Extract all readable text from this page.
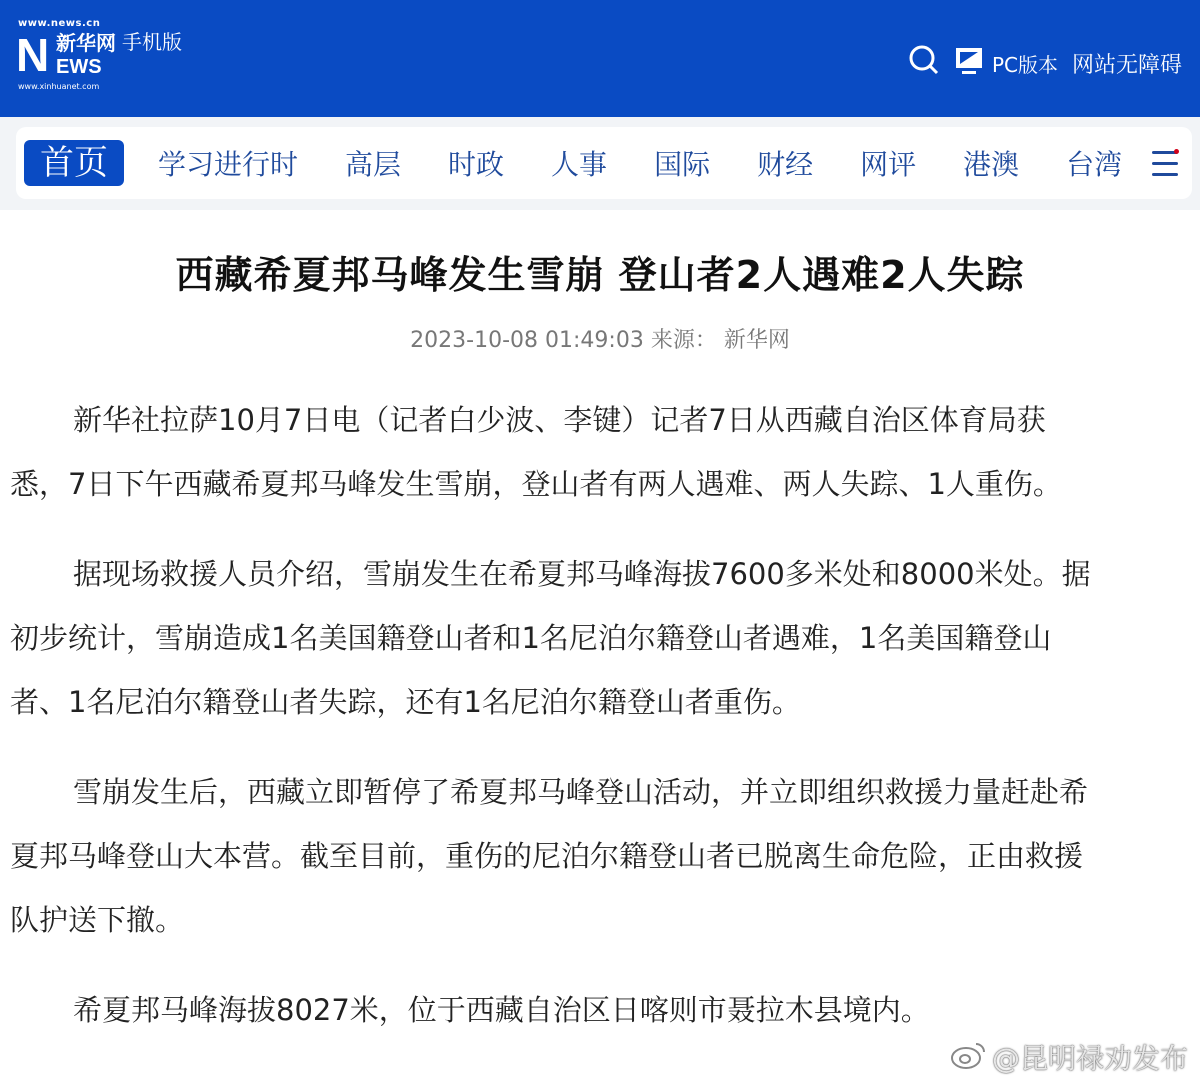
www.news.cn
N 新华网
EWS
www.xinhuanet.com
手机版
PC版本 网站无障碍
首页	学习进行时 高层 时政 人事 国际 财经 网评 港澳 台湾
西藏希夏邦马峰发生雪崩 登山者2人遇难2人失踪
2023-10-08 01:49:03 来源： 新华网
新华社拉萨10月7日电（记者白少波、李键）记者7日从西藏自治区体育局获
悉，7日下午西藏希夏邦马峰发生雪崩，登山者有两人遇难、两人失踪、1人重伤。
据现场救援人员介绍，雪崩发生在希夏邦马峰海拔7600多米处和8000米处。据
初步统计，雪崩造成1名美国籍登山者和1名尼泊尔籍登山者遇难，1名美国籍登山
者、1名尼泊尔籍登山者失踪，还有1名尼泊尔籍登山者重伤。
雪崩发生后，西藏立即暂停了希夏邦马峰登山活动，并立即组织救援力量赶赴希
夏邦马峰登山大本营。截至目前，重伤的尼泊尔籍登山者已脱离生命危险，正由救援
队护送下撤。
希夏邦马峰海拔8027米，位于西藏自治区日喀则市聂拉木县境内。
@昆明禄劝发布
